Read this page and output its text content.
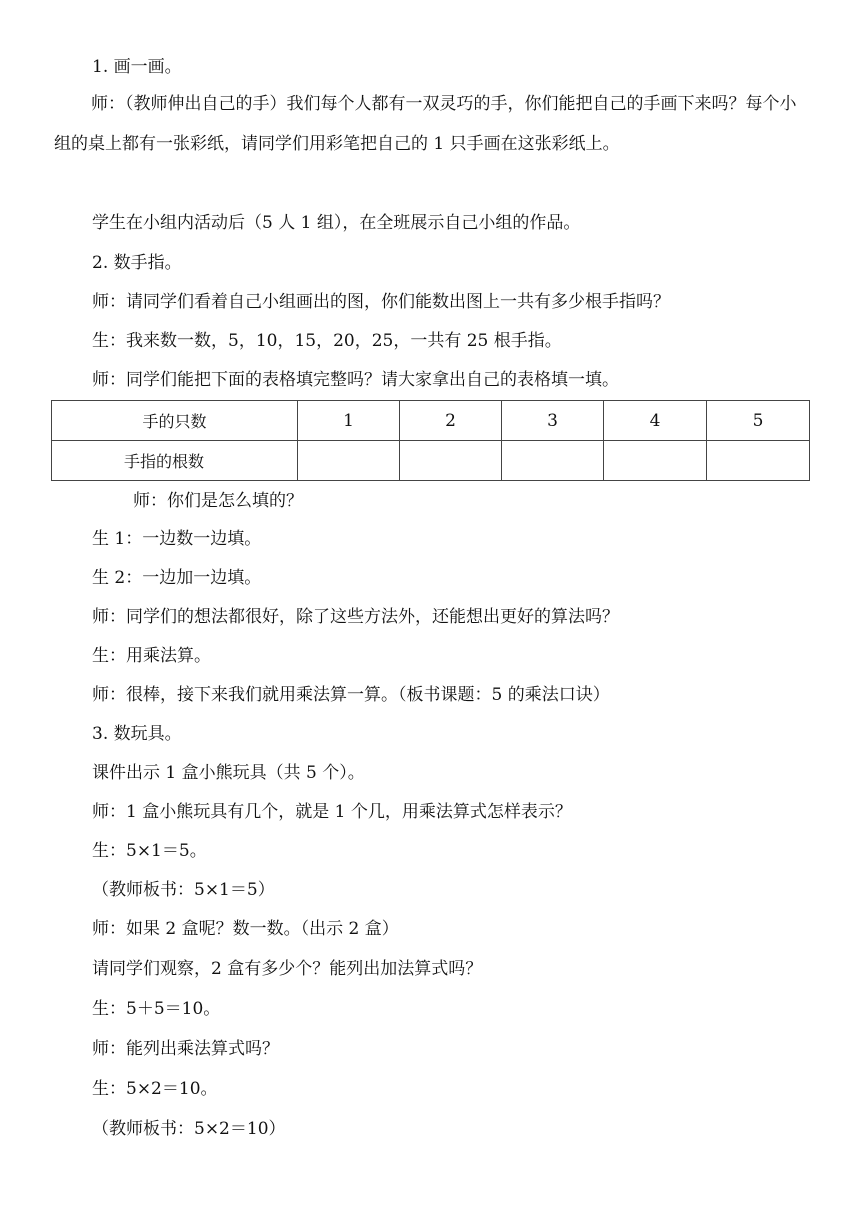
1. 画一画。
师：（教师伸出自己的手）我们每个人都有一双灵巧的手，你们能把自己的手画下来吗？每个小组的桌上都有一张彩纸，请同学们用彩笔把自己的 1 只手画在这张彩纸上。
学生在小组内活动后（5 人 1 组），在全班展示自己小组的作品。
2. 数手指。
师：请同学们看着自己小组画出的图，你们能数出图上一共有多少根手指吗？
生：我来数一数，5，10，15，20，25，一共有 25 根手指。
师：同学们能把下面的表格填完整吗？请大家拿出自己的表格填一填。
手的只数	1	2	3	4	5
手指的根数					
师：你们是怎么填的？
生 1：一边数一边填。
生 2：一边加一边填。
师：同学们的想法都很好，除了这些方法外，还能想出更好的算法吗？
生：用乘法算。
师：很棒，接下来我们就用乘法算一算。（板书课题：5 的乘法口诀）
3. 数玩具。
课件出示 1 盒小熊玩具（共 5 个）。
师：1 盒小熊玩具有几个，就是 1 个几，用乘法算式怎样表示？
生：5×1＝5。
（教师板书：5×1＝5）
师：如果 2 盒呢？数一数。（出示 2 盒）
请同学们观察，2 盒有多少个？能列出加法算式吗？
生：5＋5＝10。
师：能列出乘法算式吗？
生：5×2＝10。
（教师板书：5×2＝10）
